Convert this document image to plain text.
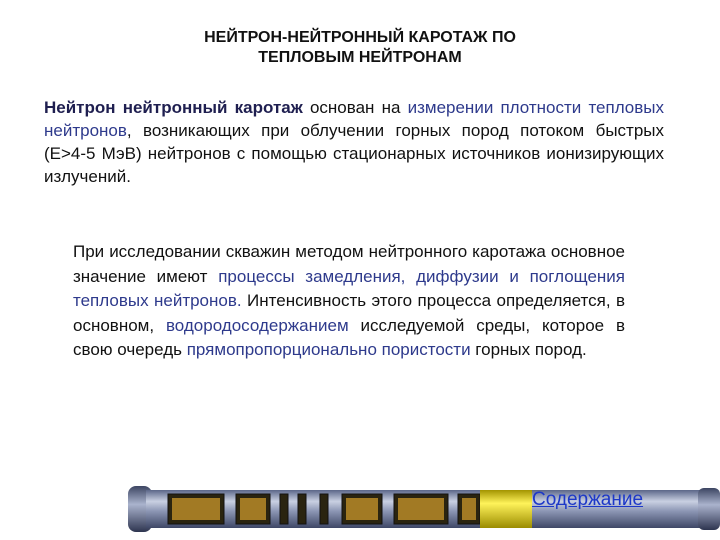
НЕЙТРОН-НЕЙТРОННЫЙ КАРОТАЖ ПО
ТЕПЛОВЫМ НЕЙТРОНАМ
Нейтрон нейтронный каротаж основан на измерении плотности тепловых нейтронов, возникающих при облучении горных пород потоком быстрых (Е>4-5 МэВ) нейтронов с помощью стационарных источников ионизирующих излучений.
При исследовании скважин методом нейтронного каротажа основное значение имеют процессы замедления, диффузии и поглощения тепловых нейтронов. Интенсивность этого процесса определяется, в основном, водородосодержанием исследуемой среды, которое в свою очередь прямопропорционально пористости горных пород.
Содержание
